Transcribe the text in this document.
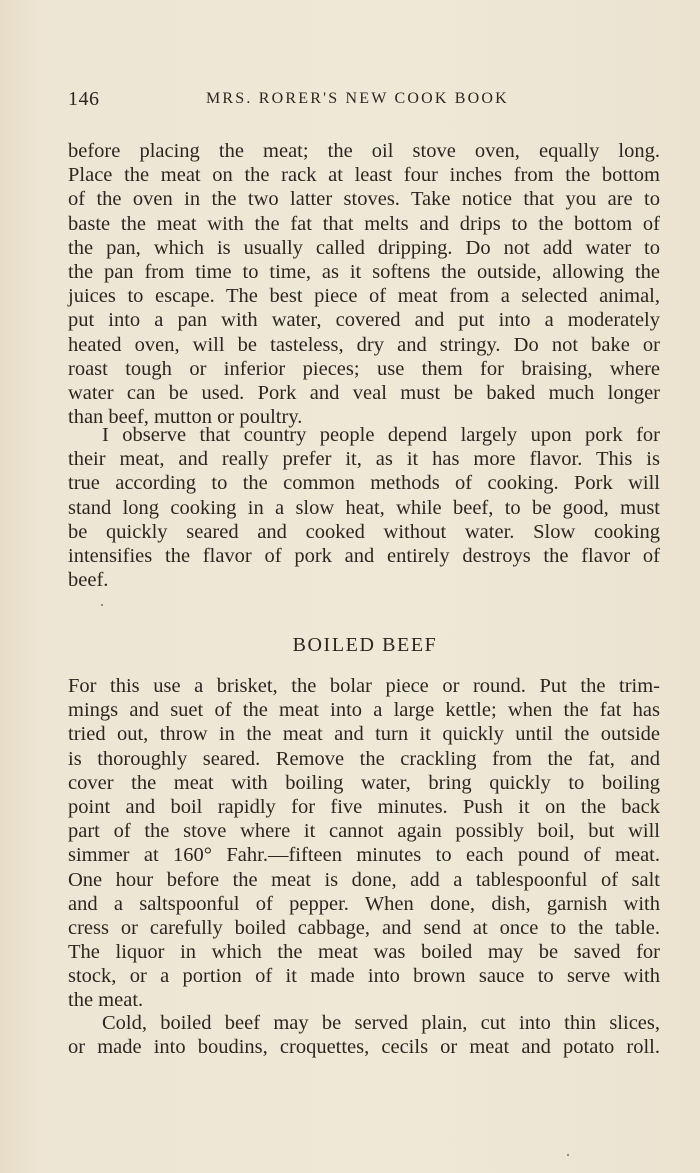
146	MRS. RORER'S NEW COOK BOOK
before placing the meat; the oil stove oven, equally long.
Place the meat on the rack at least four inches from the bottom
of the oven in the two latter stoves. Take notice that you are to
baste the meat with the fat that melts and drips to the bottom of
the pan, which is usually called dripping. Do not add water to
the pan from time to time, as it softens the outside, allowing the
juices to escape. The best piece of meat from a selected animal,
put into a pan with water, covered and put into a moderately
heated oven, will be tasteless, dry and stringy. Do not bake or
roast tough or inferior pieces; use them for braising, where
water can be used. Pork and veal must be baked much longer
than beef, mutton or poultry.
I observe that country people depend largely upon pork for
their meat, and really prefer it, as it has more flavor. This is
true according to the common methods of cooking. Pork will
stand long cooking in a slow heat, while beef, to be good, must
be quickly seared and cooked without water. Slow cooking
intensifies the flavor of pork and entirely destroys the flavor of
beef.
BOILED BEEF
For this use a brisket, the bolar piece or round. Put the trim-
mings and suet of the meat into a large kettle; when the fat has
tried out, throw in the meat and turn it quickly until the outside
is thoroughly seared. Remove the crackling from the fat, and
cover the meat with boiling water, bring quickly to boiling
point and boil rapidly for five minutes. Push it on the back
part of the stove where it cannot again possibly boil, but will
simmer at 160° Fahr.—fifteen minutes to each pound of meat.
One hour before the meat is done, add a tablespoonful of salt
and a saltspoonful of pepper. When done, dish, garnish with
cress or carefully boiled cabbage, and send at once to the table.
The liquor in which the meat was boiled may be saved for
stock, or a portion of it made into brown sauce to serve with
the meat.
Cold, boiled beef may be served plain, cut into thin slices,
or made into boudins, croquettes, cecils or meat and potato roll.
